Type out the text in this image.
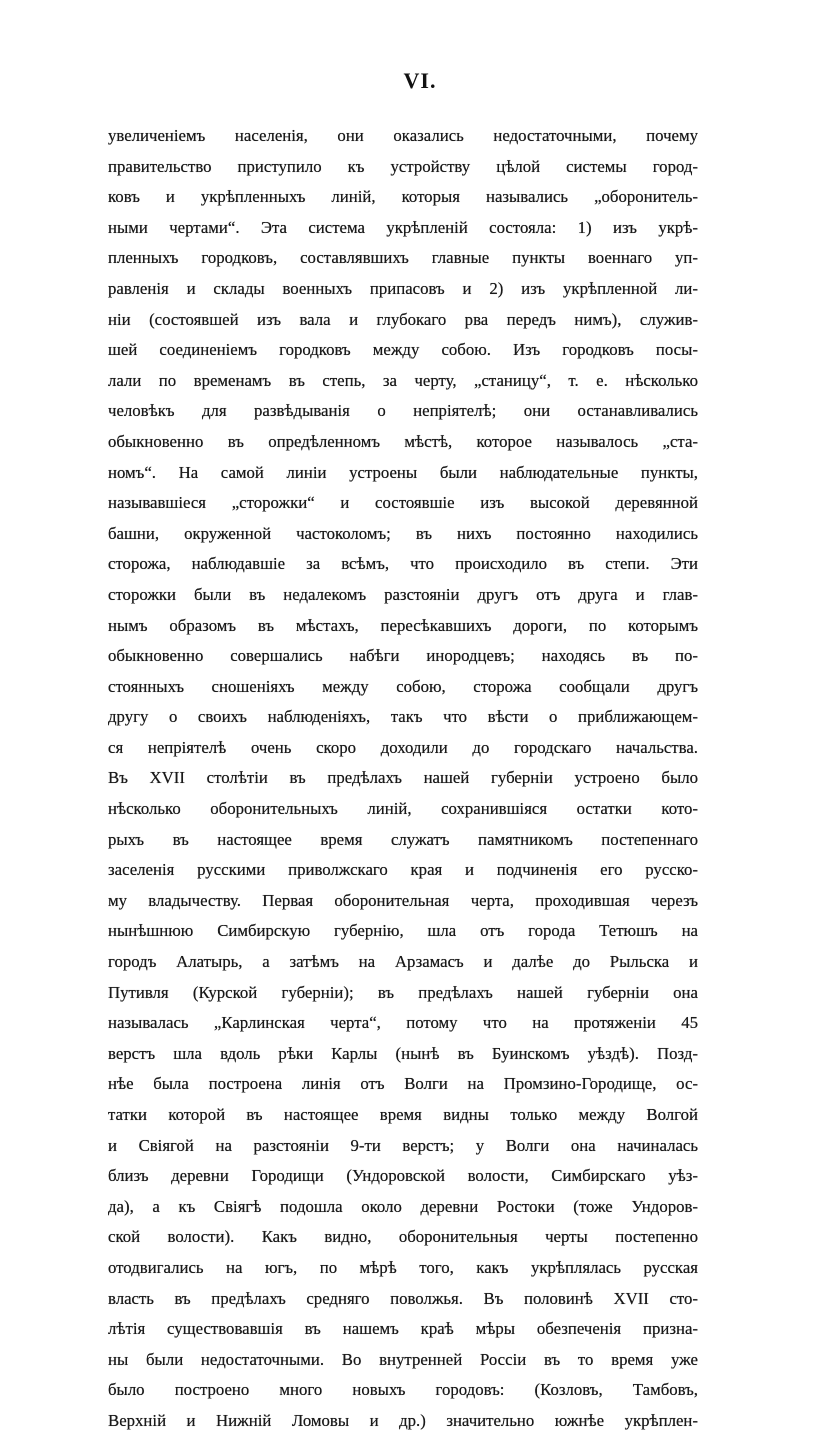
VI.
увеличеніемъ населенія, они оказались недостаточными, почему
правительство приступило къ устройству цѣлой системы город-
ковъ и укрѣпленныхъ линій, которыя назывались „оборонитель-
ными чертами“. Эта система укрѣпленій состояла: 1) изъ укрѣ-
пленныхъ городковъ, составлявшихъ главные пункты военнаго уп-
равленія и склады военныхъ припасовъ и 2) изъ укрѣпленной ли-
ніи (состоявшей изъ вала и глубокаго рва передъ нимъ), служив-
шей соединеніемъ городковъ между собою. Изъ городковъ посы-
лали по временамъ въ степь, за черту, „станицу“, т. е. нѣсколько
человѣкъ для развѣдыванія о непріятелѣ; они останавливались
обыкновенно въ опредѣленномъ мѣстѣ, которое называлось „ста-
номъ“. На самой линіи устроены были наблюдательные пункты,
называвшіеся „сторожки“ и состоявшіе изъ высокой деревянной
башни, окруженной частоколомъ; въ нихъ постоянно находились
сторожа, наблюдавшіе за всѣмъ, что происходило въ степи. Эти
сторожки были въ недалекомъ разстояніи другъ отъ друга и глав-
нымъ образомъ въ мѣстахъ, пересѣкавшихъ дороги, по которымъ
обыкновенно совершались набѣги инородцевъ; находясь въ по-
стоянныхъ сношеніяхъ между собою, сторожа сообщали другъ
другу о своихъ наблюденіяхъ, такъ что вѣсти о приближающем-
ся непріятелѣ очень скоро доходили до городскаго начальства.
Въ XVII столѣтіи въ предѣлахъ нашей губерніи устроено было
нѣсколько оборонительныхъ линій, сохранившіяся остатки кото-
рыхъ въ настоящее время служатъ памятникомъ постепеннаго
заселенія русскими приволжскаго края и подчиненія его русско-
му владычеству. Первая оборонительная черта, проходившая черезъ
нынѣшнюю Симбирскую губернію, шла отъ города Тетюшъ на
городъ Алатырь, а затѣмъ на Арзамасъ и далѣе до Рыльска и
Путивля (Курской губерніи); въ предѣлахъ нашей губерніи она
называлась „Карлинская черта“, потому что на протяженіи 45
верстъ шла вдоль рѣки Карлы (нынѣ въ Буинскомъ уѣздѣ). Позд-
нѣе была построена линія отъ Волги на Промзино-Городище, ос-
татки которой въ настоящее время видны только между Волгой
и Свіягой на разстояніи 9-ти верстъ; у Волги она начиналась
близъ деревни Городищи (Ундоровской волости, Симбирскаго уѣз-
да), а къ Свіягѣ подошла около деревни Ростоки (тоже Ундоров-
ской волости). Какъ видно, оборонительныя черты постепенно
отодвигались на югъ, по мѣрѣ того, какъ укрѣплялась русская
власть въ предѣлахъ средняго поволжья. Въ половинѣ XVII сто-
лѣтія существовавшія въ нашемъ краѣ мѣры обезпеченія призна-
ны были недостаточными. Во внутренней Россіи въ то время уже
было построено много новыхъ городовъ: (Козловъ, Тамбовъ,
Верхній и Нижній Ломовы и др.) значительно южнѣе укрѣплен-
